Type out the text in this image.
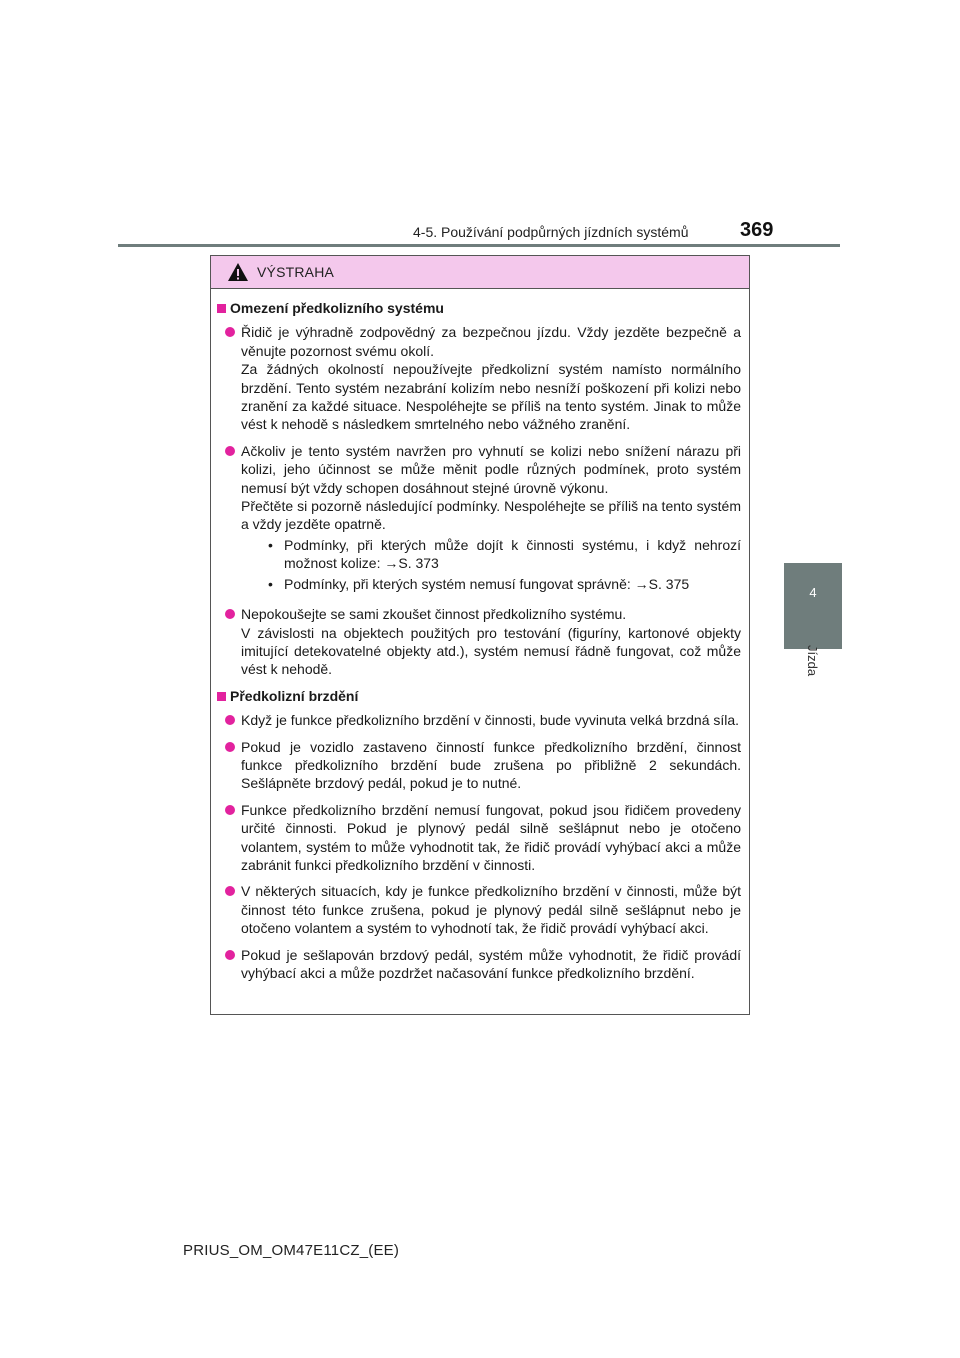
4-5. Používání podpůrných jízdních systémů	369
4
Jízda
VÝSTRAHA
Omezení předkolizního systému
Řidič je výhradně zodpovědný za bezpečnou jízdu. Vždy jezděte bezpečně a věnujte pozornost svému okolí.
Za žádných okolností nepoužívejte předkolizní systém namísto normálního brzdění. Tento systém nezabrání kolizím nebo nesníží poškození při kolizi nebo zranění za každé situace. Nespoléhejte se příliš na tento systém. Jinak to může vést k nehodě s následkem smrtelného nebo vážného zranění.
Ačkoliv je tento systém navržen pro vyhnutí se kolizi nebo snížení nárazu při kolizi, jeho účinnost se může měnit podle různých podmínek, proto systém nemusí být vždy schopen dosáhnout stejné úrovně výkonu.
Přečtěte si pozorně následující podmínky. Nespoléhejte se příliš na tento systém a vždy jezděte opatrně.
• Podmínky, při kterých může dojít k činnosti systému, i když nehrozí možnost kolize: →S. 373
• Podmínky, při kterých systém nemusí fungovat správně: →S. 375
Nepokoušejte se sami zkoušet činnost předkolizního systému.
V závislosti na objektech použitých pro testování (figuríny, kartonové objekty imitující detekovatelné objekty atd.), systém nemusí řádně fungovat, což může vést k nehodě.
Předkolizní brzdění
Když je funkce předkolizního brzdění v činnosti, bude vyvinuta velká brzdná síla.
Pokud je vozidlo zastaveno činností funkce předkolizního brzdění, činnost funkce předkolizního brzdění bude zrušena po přibližně 2 sekundách. Sešlápněte brzdový pedál, pokud je to nutné.
Funkce předkolizního brzdění nemusí fungovat, pokud jsou řidičem provedeny určité činnosti. Pokud je plynový pedál silně sešlápnut nebo je otočeno volantem, systém to může vyhodnotit tak, že řidič provádí vyhýbací akci a může zabránit funkci předkolizního brzdění v činnosti.
V některých situacích, kdy je funkce předkolizního brzdění v činnosti, může být činnost této funkce zrušena, pokud je plynový pedál silně sešlápnut nebo je otočeno volantem a systém to vyhodnotí tak, že řidič provádí vyhýbací akci.
Pokud je sešlapován brzdový pedál, systém může vyhodnotit, že řidič provádí vyhýbací akci a může pozdržet načasování funkce předkolizního brzdění.
PRIUS_OM_OM47E11CZ_(EE)
